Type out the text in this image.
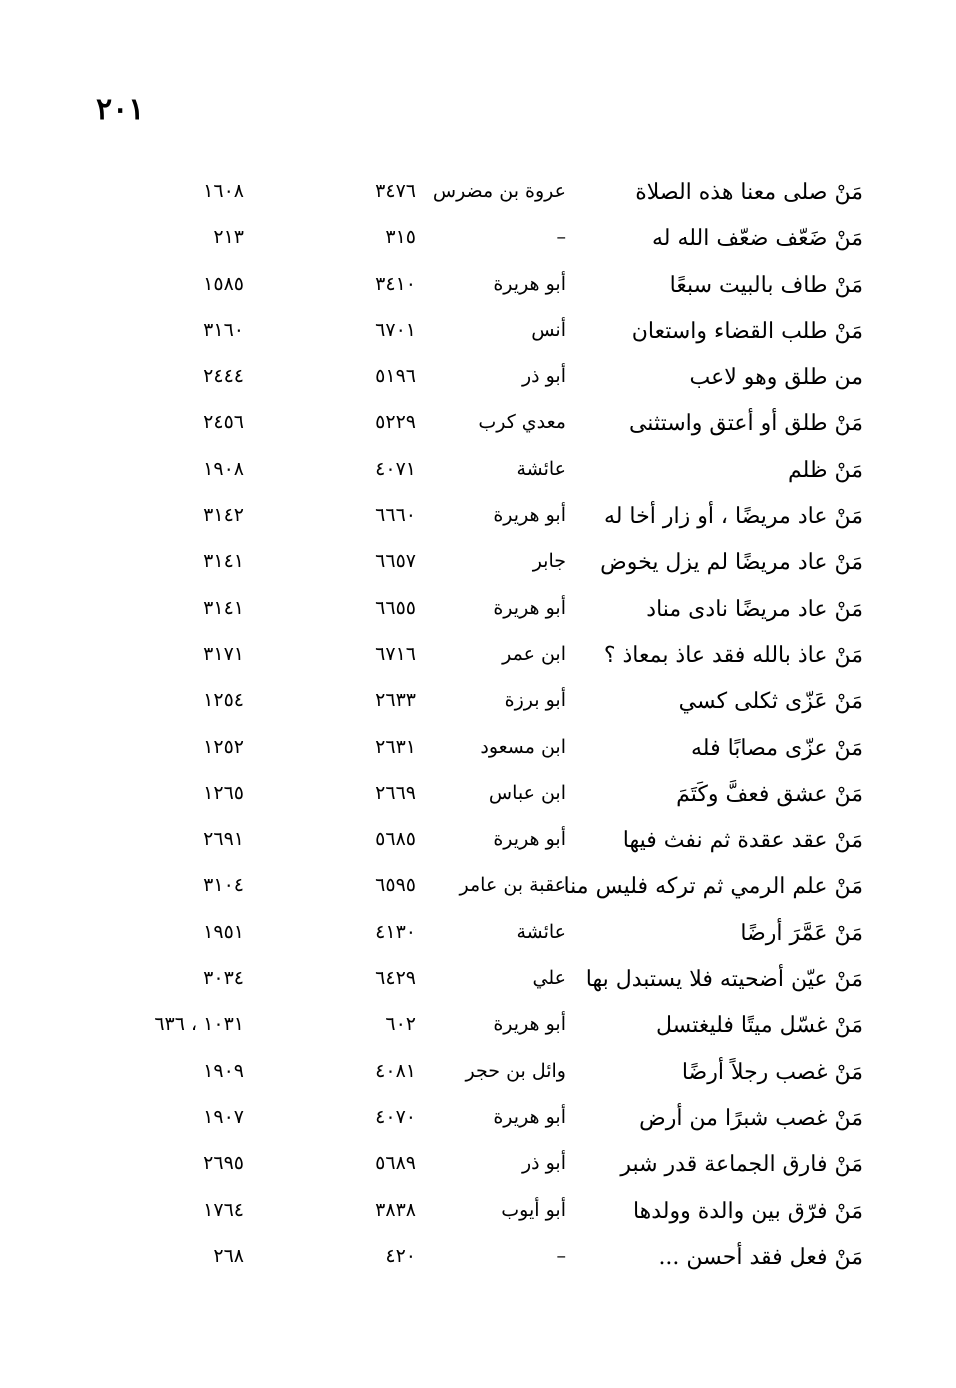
٢٠١
مَنْ صلى معنا هذه الصلاة
عروة بن مضرس
٣٤٧٦
١٦٠٨
مَنْ ضَعّف ضعّف الله له
–
٣١٥
٢١٣
مَنْ طاف بالبيت سبعًا
أبو هريرة
٣٤١٠
١٥٨٥
مَنْ طلب القضاء واستعان
أنس
٦٧٠١
٣١٦٠
من طلق وهو لاعب
أبو ذر
٥١٩٦
٢٤٤٤
مَنْ طلق أو أعتق واستثنى
معدي كرب
٥٢٢٩
٢٤٥٦
مَنْ ظلم
عائشة
٤٠٧١
١٩٠٨
مَنْ عاد مريضًا ، أو زار أخا له
أبو هريرة
٦٦٦٠
٣١٤٢
مَنْ عاد مريضًا لم يزل يخوض
جابر
٦٦٥٧
٣١٤١
مَنْ عاد مريضًا نادى مناد
أبو هريرة
٦٦٥٥
٣١٤١
مَنْ عاذ بالله فقد عاذ بمعاذ ؟
ابن عمر
٦٧١٦
٣١٧١
مَنْ عَزّى ثكلى كسي
أبو برزة
٢٦٣٣
١٢٥٤
مَنْ عزّى مصابًا فله
ابن مسعود
٢٦٣١
١٢٥٢
مَنْ عشق فعفَّ وكَتَمَ
ابن عباس
٢٦٦٩
١٢٦٥
مَنْ عقد عقدة ثم نفث فيها
أبو هريرة
٥٦٨٥
٢٦٩١
مَنْ علم الرمي ثم تركه فليس منا
عقبة بن عامر
٦٥٩٥
٣١٠٤
مَنْ عَمَّرَ أرضًا
عائشة
٤١٣٠
١٩٥١
مَنْ عيّن أضحيته فلا يستبدل بها
علي
٦٤٢٩
٣٠٣٤
مَنْ غسّل ميتًا فليغتسل
أبو هريرة
٦٠٢
١٠٣١ ، ٦٣٦
مَنْ غصب رجلاً أرضًا
وائل بن حجر
٤٠٨١
١٩٠٩
مَنْ غصب شبرًا من أرض
أبو هريرة
٤٠٧٠
١٩٠٧
مَنْ فارق الجماعة قدر شبر
أبو ذر
٥٦٨٩
٢٦٩٥
مَنْ فرّق بين والدة وولدها
أبو أيوب
٣٨٣٨
١٧٦٤
مَنْ فعل فقد أحسن ...
–
٤٢٠
٢٦٨
